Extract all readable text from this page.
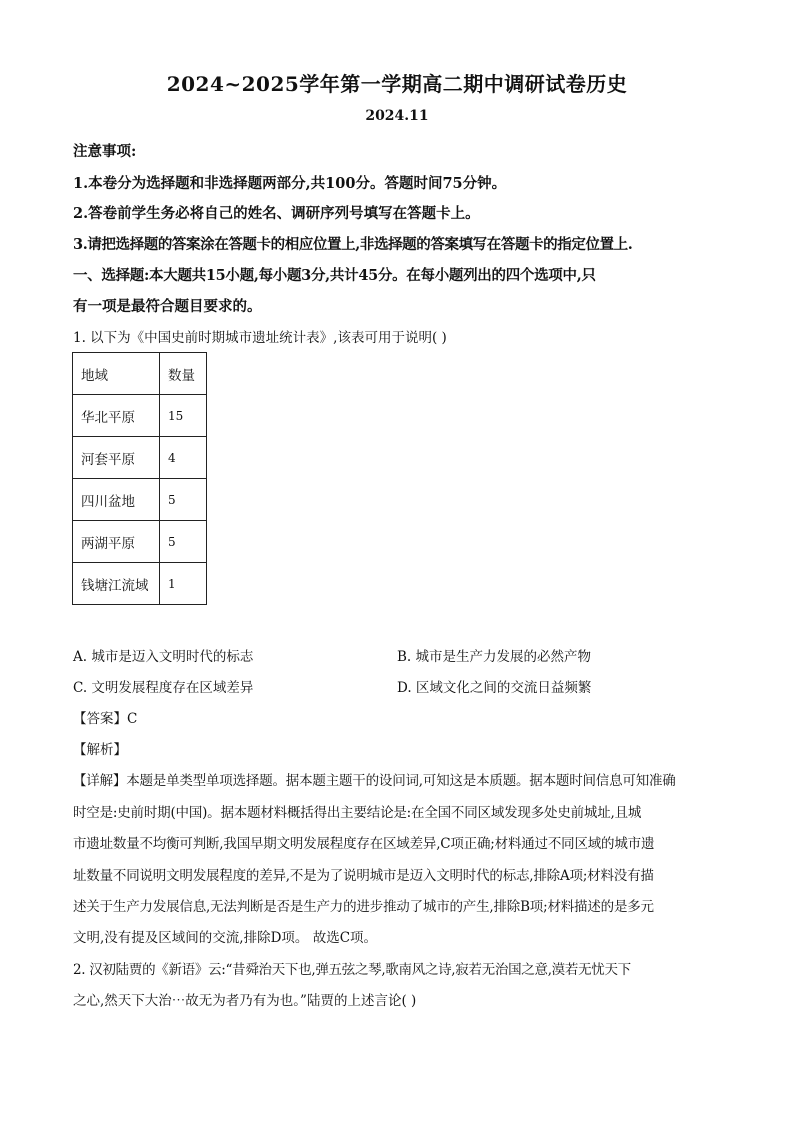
2024~2025学年第一学期高二期中调研试卷历史
2024.11
注意事项:
1.本卷分为选择题和非选择题两部分,共100分。答题时间75分钟。
2.答卷前学生务必将自己的姓名、调研序列号填写在答题卡上。
3.请把选择题的答案涂在答题卡的相应位置上,非选择题的答案填写在答题卡的指定位置上.
一、选择题:本大题共15小题,每小题3分,共计45分。在每小题列出的四个选项中,只
有一项是最符合题目要求的。
1. 以下为《中国史前时期城市遗址统计表》,该表可用于说明( )
地域	数量
华北平原	15
河套平原	4
四川盆地	5
两湖平原	5
钱塘江流域	1
A. 城市是迈入文明时代的标志	B. 城市是生产力发展的必然产物
C. 文明发展程度存在区域差异	D. 区域文化之间的交流日益频繁
【答案】C
【解析】
【详解】本题是单类型单项选择题。据本题主题干的设问词,可知这是本质题。据本题时间信息可知准确
时空是:史前时期(中国)。据本题材料概括得出主要结论是:在全国不同区域发现多处史前城址,且城
市遗址数量不均衡可判断,我国早期文明发展程度存在区域差异,C项正确;材料通过不同区域的城市遗
址数量不同说明文明发展程度的差异,不是为了说明城市是迈入文明时代的标志,排除A项;材料没有描
述关于生产力发展信息,无法判断是否是生产力的进步推动了城市的产生,排除B项;材料描述的是多元
文明,没有提及区域间的交流,排除D项。 故选C项。
2. 汉初陆贾的《新语》云:“昔舜治天下也,弹五弦之琴,歌南风之诗,寂若无治国之意,漠若无忧天下
之心,然天下大治⋯故无为者乃有为也。”陆贾的上述言论( )
